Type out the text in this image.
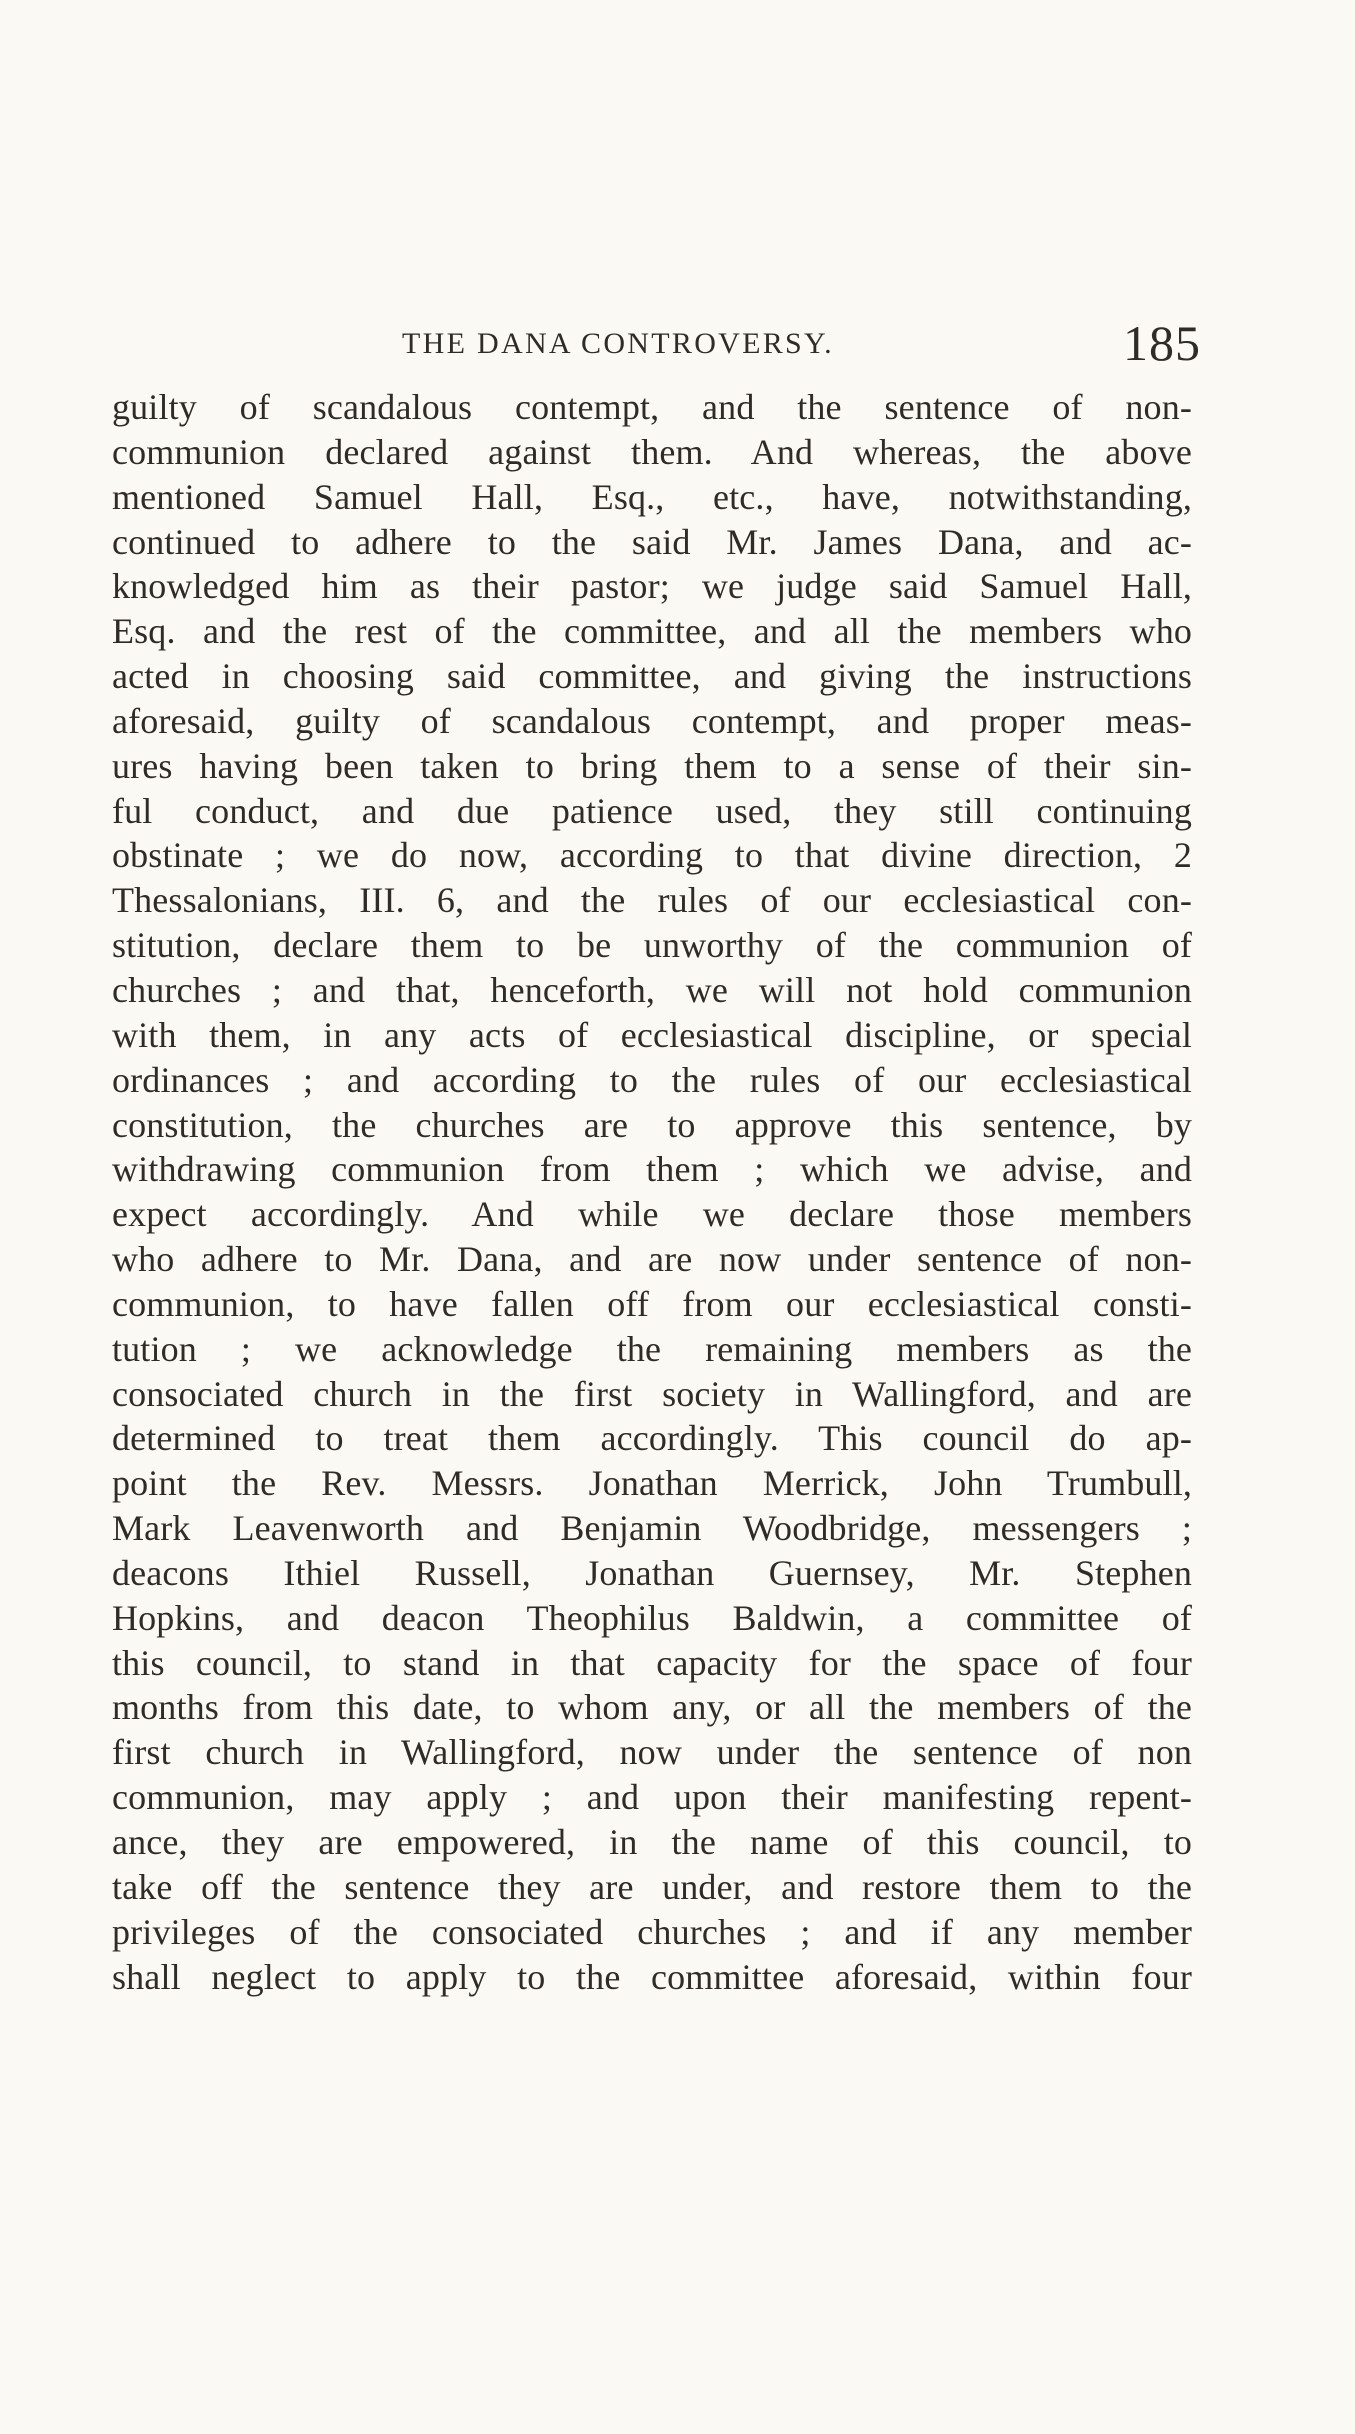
THE DANA CONTROVERSY.	185
guilty of scandalous contempt, and the sentence of non-
communion declared against them. And whereas, the above
mentioned Samuel Hall, Esq., etc., have, notwithstanding,
continued to adhere to the said Mr. James Dana, and ac-
knowledged him as their pastor; we judge said Samuel Hall,
Esq. and the rest of the committee, and all the members who
acted in choosing said committee, and giving the instructions
aforesaid, guilty of scandalous contempt, and proper meas-
ures having been taken to bring them to a sense of their sin-
ful conduct, and due patience used, they still continuing
obstinate ; we do now, according to that divine direction, 2
Thessalonians, III. 6, and the rules of our ecclesiastical con-
stitution, declare them to be unworthy of the communion of
churches ; and that, henceforth, we will not hold communion
with them, in any acts of ecclesiastical discipline, or special
ordinances ; and according to the rules of our ecclesiastical
constitution, the churches are to approve this sentence, by
withdrawing communion from them ; which we advise, and
expect accordingly. And while we declare those members
who adhere to Mr. Dana, and are now under sentence of non-
communion, to have fallen off from our ecclesiastical consti-
tution ; we acknowledge the remaining members as the
consociated church in the first society in Wallingford, and are
determined to treat them accordingly. This council do ap-
point the Rev. Messrs. Jonathan Merrick, John Trumbull,
Mark Leavenworth and Benjamin Woodbridge, messengers ;
deacons Ithiel Russell, Jonathan Guernsey, Mr. Stephen
Hopkins, and deacon Theophilus Baldwin, a committee of
this council, to stand in that capacity for the space of four
months from this date, to whom any, or all the members of the
first church in Wallingford, now under the sentence of non
communion, may apply ; and upon their manifesting repent-
ance, they are empowered, in the name of this council, to
take off the sentence they are under, and restore them to the
privileges of the consociated churches ; and if any member
shall neglect to apply to the committee aforesaid, within four
